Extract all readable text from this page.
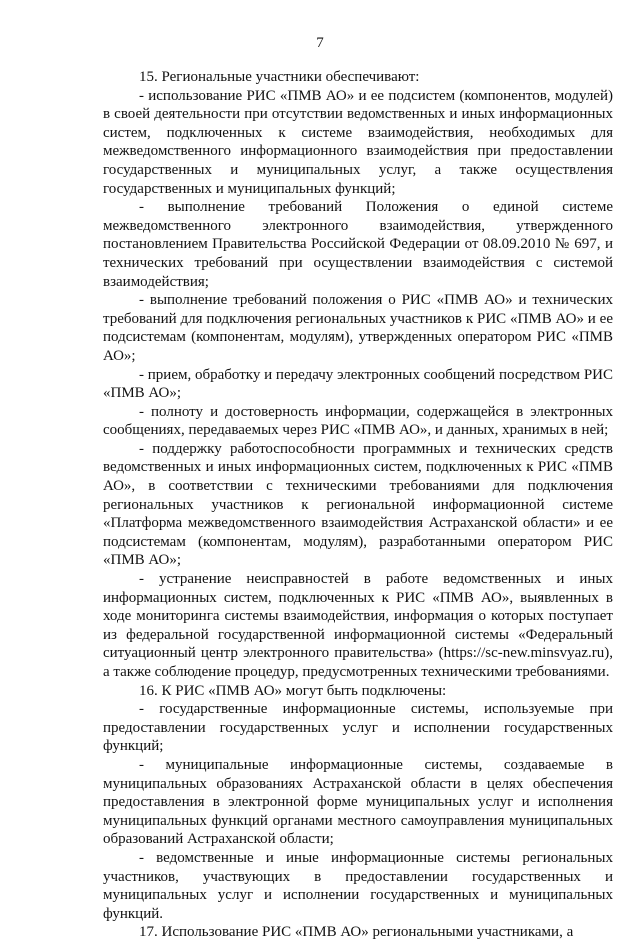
7

15. Региональные участники обеспечивают:

- использование РИС «ПМВ АО» и ее подсистем (компонентов, модулей) в своей деятельности при отсутствии ведомственных и иных информационных систем, подключенных к системе взаимодействия, необходимых для межведомственного информационного взаимодействия при предоставлении государственных и муниципальных услуг, а также осуществления государственных и муниципальных функций;

- выполнение требований Положения о единой системе межведомственного электронного взаимодействия, утвержденного постановлением Правительства Российской Федерации от 08.09.2010 № 697, и технических требований при осуществлении взаимодействия с системой взаимодействия;

- выполнение требований положения о РИС «ПМВ АО» и технических требований для подключения региональных участников к РИС «ПМВ АО» и ее подсистемам (компонентам, модулям), утвержденных оператором РИС «ПМВ АО»;

- прием, обработку и передачу электронных сообщений посредством РИС «ПМВ АО»;

- полноту и достоверность информации, содержащейся в электронных сообщениях, передаваемых через РИС «ПМВ АО», и данных, хранимых в ней;

- поддержку работоспособности программных и технических средств ведомственных и иных информационных систем, подключенных к РИС «ПМВ АО», в соответствии с техническими требованиями для подключения региональных участников к региональной информационной системе «Платформа межведомственного взаимодействия Астраханской области» и ее подсистемам (компонентам, модулям), разработанными оператором РИС «ПМВ АО»;

- устранение неисправностей в работе ведомственных и иных информационных систем, подключенных к РИС «ПМВ АО», выявленных в ходе мониторинга системы взаимодействия, информация о которых поступает из федеральной государственной информационной системы «Федеральный ситуационный центр электронного правительства» (https://sc-new.minsvyaz.ru), а также соблюдение процедур, предусмотренных техническими требованиями.

16. К РИС «ПМВ АО» могут быть подключены:

- государственные информационные системы, используемые при предоставлении государственных услуг и исполнении государственных функций;

- муниципальные информационные системы, создаваемые в муниципальных образованиях Астраханской области в целях обеспечения предоставления в электронной форме муниципальных услуг и исполнения муниципальных функций органами местного самоуправления муниципальных образований Астраханской области;

- ведомственные и иные информационные системы региональных участников, участвующих в предоставлении государственных и муниципальных услуг и исполнении государственных и муниципальных функций.

17. Использование РИС «ПМВ АО» региональными участниками, а
